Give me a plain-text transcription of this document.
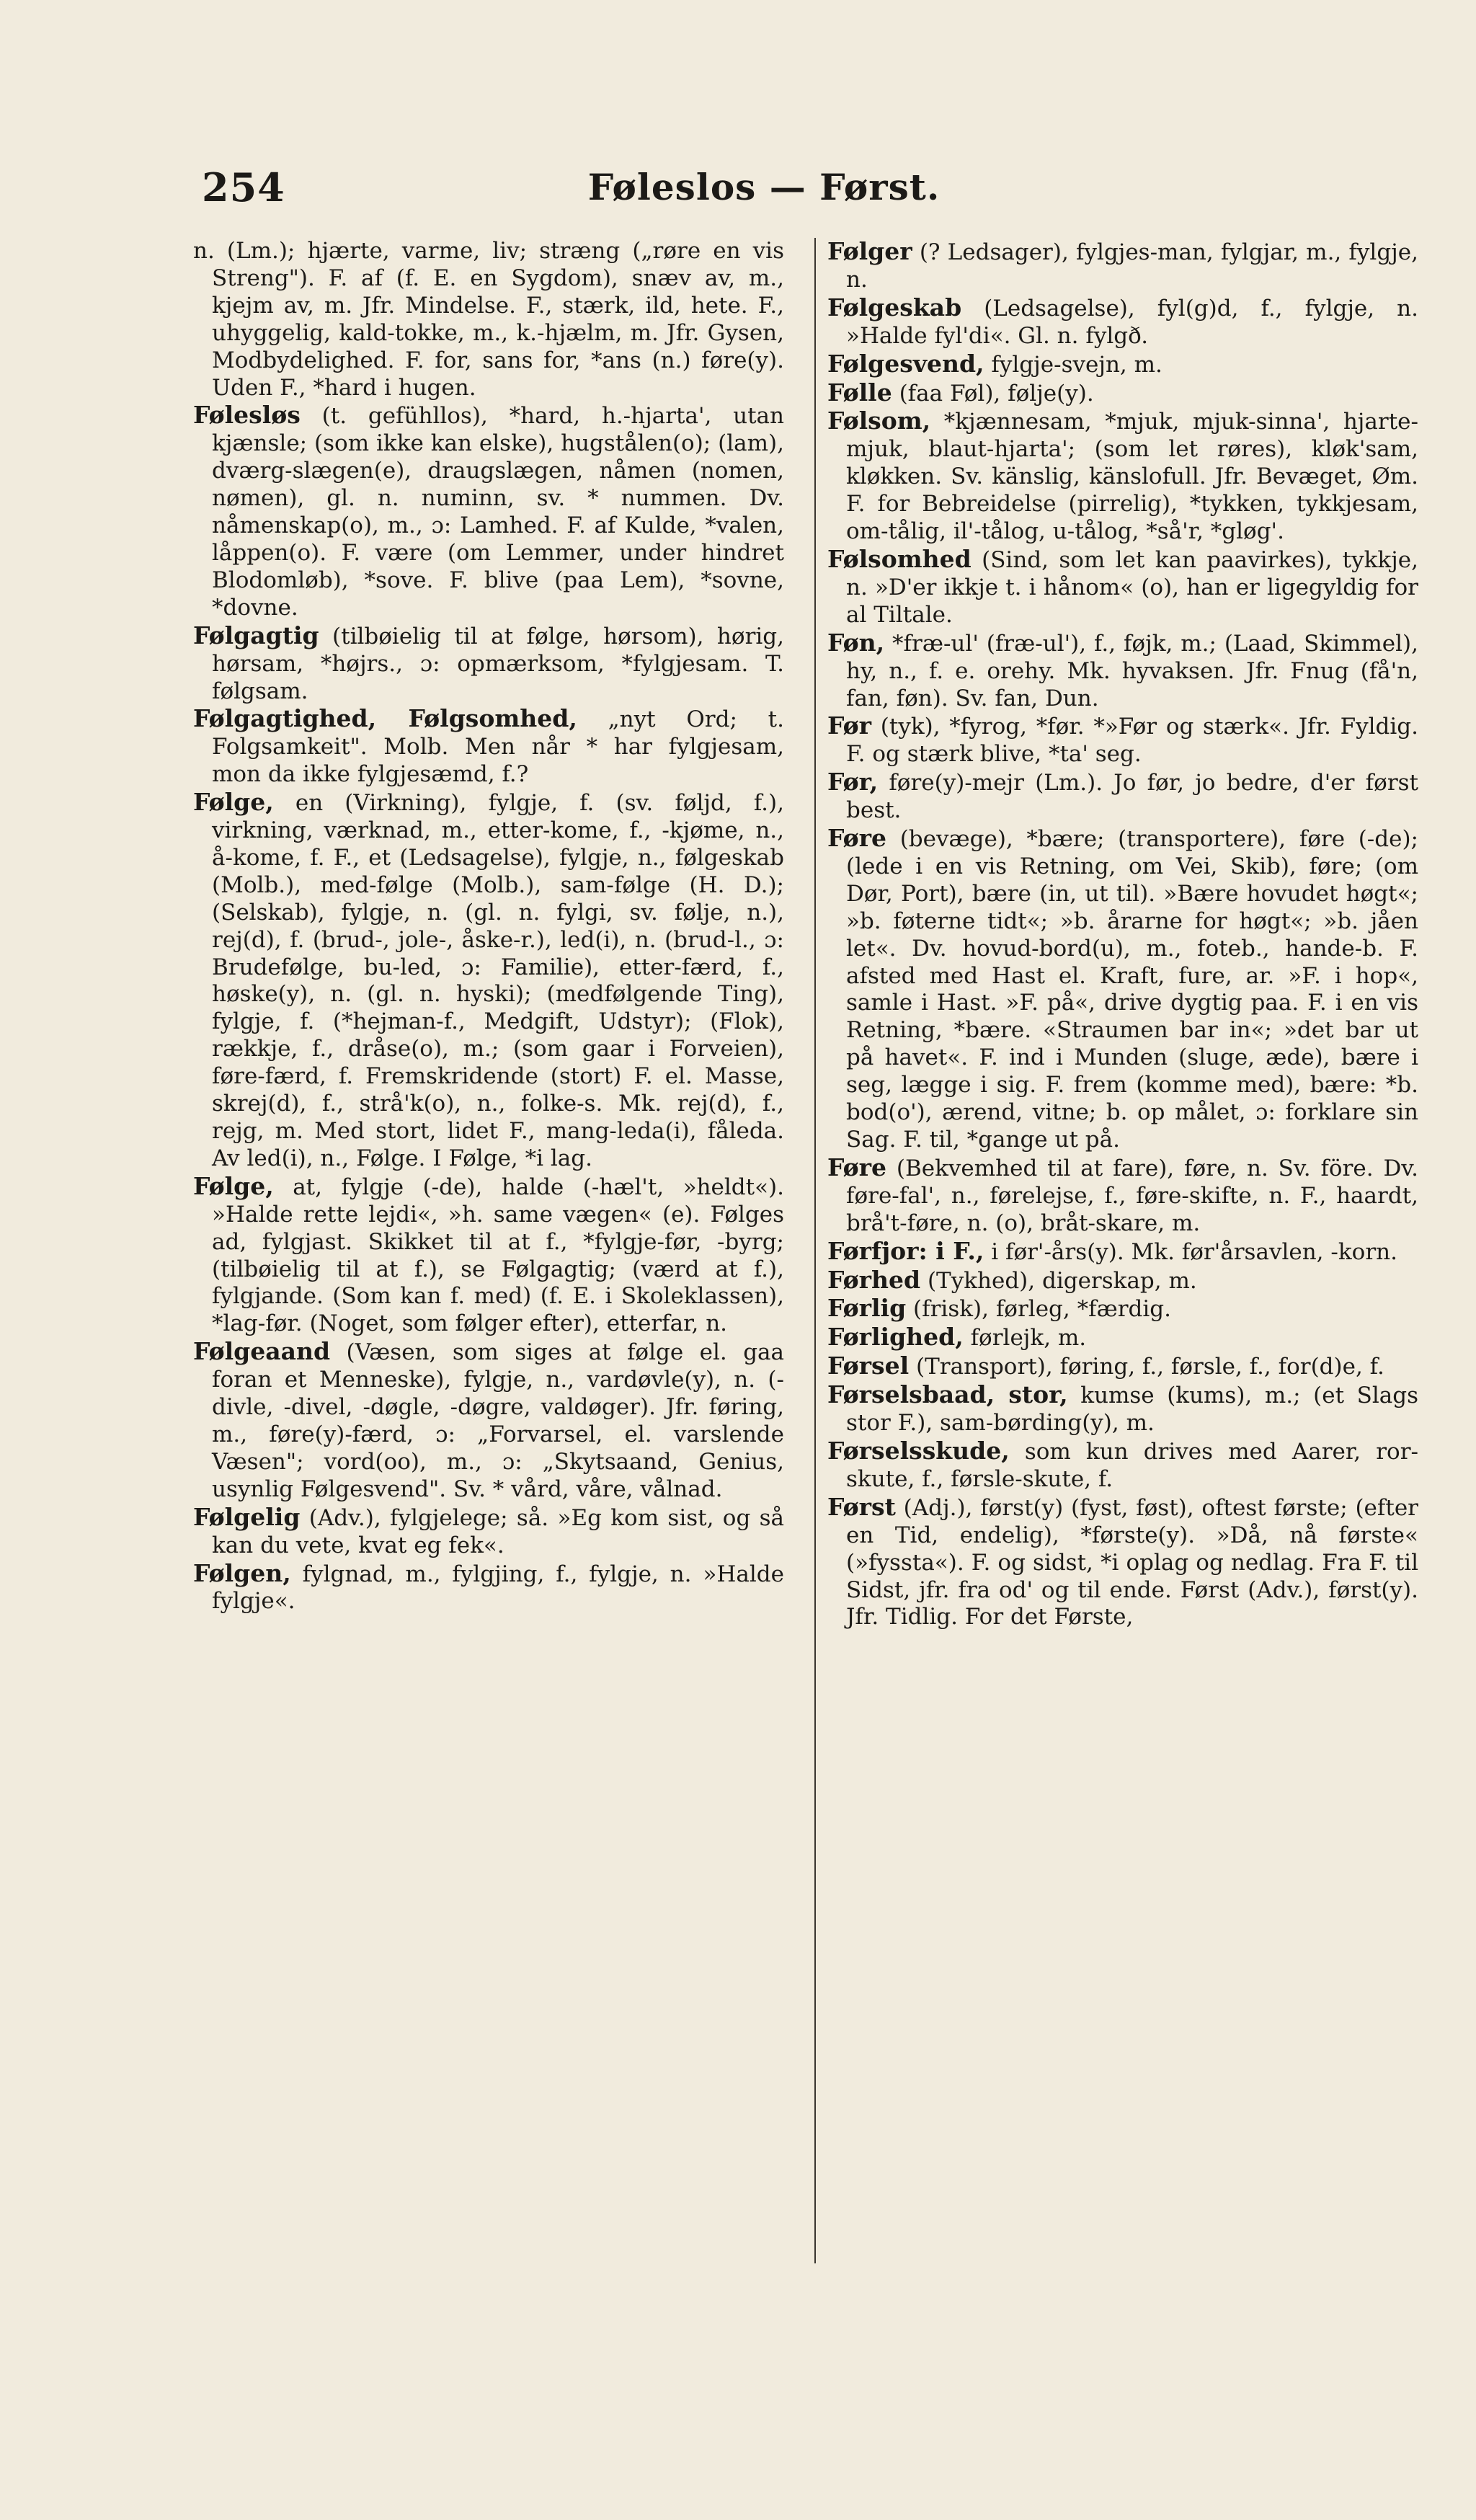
254	Føleslos — Først.

n. (Lm.); hjærte, varme, liv; stræng („røre en vis Streng"). F. af (f. E. en Sygdom), snæv av, m., kjejm av, m. Jfr. Mindelse. F., stærk, ild, hete. F., uhyggelig, kald-tokke, m., k.-hjælm, m. Jfr. Gysen, Modbydelighed. F. for, sans for, *ans (n.) føre(y). Uden F., *hard i hugen.

Følesløs (t. gefühllos), *hard, h.-hjarta', utan kjænsle; (som ikke kan elske), hugstålen(o); (lam), dværg-slægen(e), draugslægen, nåmen (nomen, nømen), gl. n. numinn, sv. * nummen. Dv. nåmenskap(o), m., ɔ: Lamhed. F. af Kulde, *valen, låppen(o). F. være (om Lemmer, under hindret Blodomløb), *sove. F. blive (paa Lem), *sovne, *dovne.

Følgagtig (tilbøielig til at følge, hørsom), hørig, hørsam, *højrs., ɔ: opmærksom, *fylgjesam. T. følgsam.

Følgagtighed, Følgsomhed, „nyt Ord; t. Folgsamkeit". Molb. Men når * har fylgjesam, mon da ikke fylgjesæmd, f.?

Følge, en (Virkning), fylgje, f. (sv. føljd, f.), virkning, værknad, m., etter-kome, f., -kjøme, n., å-kome, f. F., et (Ledsagelse), fylgje, n., følgeskab (Molb.), med-følge (Molb.), sam-følge (H. D.); (Selskab), fylgje, n. (gl. n. fylgi, sv. følje, n.), rej(d), f. (brud-, jole-, åske-r.), led(i), n. (brud-l., ɔ: Brudefølge, bu-led, ɔ: Familie), etter-færd, f., høske(y), n. (gl. n. hyski); (medfølgende Ting), fylgje, f. (*hejman-f., Medgift, Udstyr); (Flok), rækkje, f., dråse(o), m.; (som gaar i Forveien), føre-færd, f. Fremskridende (stort) F. el. Masse, skrej(d), f., strå'k(o), n., folke-s. Mk. rej(d), f., rejg, m. Med stort, lidet F., mang-leda(i), fåleda. Av led(i), n., Følge. I Følge, *i lag.

Følge, at, fylgje (-de), halde (-hæl't, »heldt«). »Halde rette lejdi«, »h. same vægen« (e). Følges ad, fylgjast. Skikket til at f., *fylgje-før, -byrg; (tilbøielig til at f.), se Følgagtig; (værd at f.), fylgjande. (Som kan f. med) (f. E. i Skoleklassen), *lag-før. (Noget, som følger efter), etterfar, n.

Følgeaand (Væsen, som siges at følge el. gaa foran et Menneske), fylgje, n., vardøvle(y), n. (-divle, -divel, -døgle, -døgre, valdøger). Jfr. føring, m., føre(y)-færd, ɔ: „Forvarsel, el. varslende Væsen"; vord(oo), m., ɔ: „Skytsaand, Genius, usynlig Følgesvend". Sv. * vård, våre, vålnad.

Følgelig (Adv.), fylgjelege; så. »Eg kom sist, og så kan du vete, kvat eg fek«.

Følgen, fylgnad, m., fylgjing, f., fylgje, n. »Halde fylgje«.

Følger (? Ledsager), fylgjes-man, fylgjar, m., fylgje, n.

Følgeskab (Ledsagelse), fyl(g)d, f., fylgje, n. »Halde fyl'di«. Gl. n. fylgð.

Følgesvend, fylgje-svejn, m.

Følle (faa Føl), følje(y).

Følsom, *kjænnesam, *mjuk, mjuk-sinna', hjarte-mjuk, blaut-hjarta'; (som let røres), kløk'sam, kløkken. Sv. känslig, känslofull. Jfr. Bevæget, Øm. F. for Bebreidelse (pirrelig), *tykken, tykkjesam, om-tålig, il'-tålog, u-tålog, *så'r, *gløg'.

Følsomhed (Sind, som let kan paavirkes), tykkje, n. »D'er ikkje t. i hånom« (o), han er ligegyldig for al Tiltale.

Føn, *fræ-ul' (fræ-ul'), f., føjk, m.; (Laad, Skimmel), hy, n., f. e. orehy. Mk. hyvaksen. Jfr. Fnug (få'n, fan, føn). Sv. fan, Dun.

Før (tyk), *fyrog, *før. *»Før og stærk«. Jfr. Fyldig. F. og stærk blive, *ta' seg.

Før, føre(y)-mejr (Lm.). Jo før, jo bedre, d'er først best.

Føre (bevæge), *bære; (transportere), føre (-de); (lede i en vis Retning, om Vei, Skib), føre; (om Dør, Port), bære (in, ut til). »Bære hovudet høgt«; »b. føterne tidt«; »b. årarne for høgt«; »b. jåen let«. Dv. hovud-bord(u), m., foteb., hande-b. F. afsted med Hast el. Kraft, fure, ar. »F. i hop«, samle i Hast. »F. på«, drive dygtig paa. F. i en vis Retning, *bære. «Straumen bar in«; »det bar ut på havet«. F. ind i Munden (sluge, æde), bære i seg, lægge i sig. F. frem (komme med), bære: *b. bod(o'), ærend, vitne; b. op målet, ɔ: forklare sin Sag. F. til, *gange ut på.

Føre (Bekvemhed til at fare), føre, n. Sv. före. Dv. føre-fal', n., førelejse, f., føre-skifte, n. F., haardt, brå't-føre, n. (o), bråt-skare, m.

Førfjor: i F., i før'-års(y). Mk. før'årsavlen, -korn.

Førhed (Tykhed), digerskap, m.

Førlig (frisk), førleg, *færdig.

Førlighed, førlejk, m.

Førsel (Transport), føring, f., førsle, f., for(d)e, f.

Førselsbaad, stor, kumse (kums), m.; (et Slags stor F.), sam-børding(y), m.

Førselsskude, som kun drives med Aarer, ror-skute, f., førsle-skute, f.

Først (Adj.), først(y) (fyst, føst), oftest første; (efter en Tid, endelig), *første(y). »Då, nå første« (»fyssta«). F. og sidst, *i oplag og nedlag. Fra F. til Sidst, jfr. fra od' og til ende. Først (Adv.), først(y). Jfr. Tidlig. For det Første,
